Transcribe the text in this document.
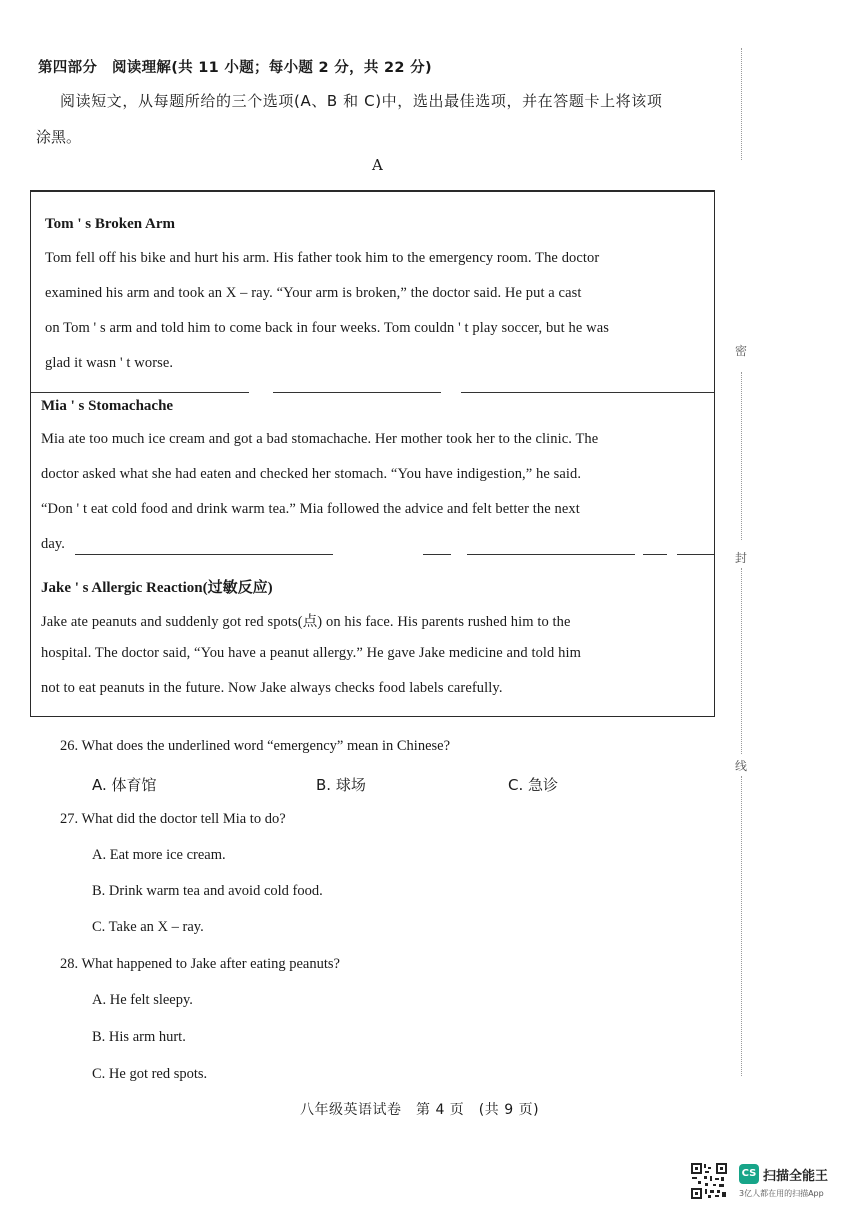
第四部分　阅读理解(共 11 小题；每小题 2 分，共 22 分)
阅读短文，从每题所给的三个选项(A、B 和 C)中，选出最佳选项，并在答题卡上将该项
涂黑。
A
Tom ' s Broken Arm
Tom fell off his bike and hurt his arm. His father took him to the emergency room. The doctor
examined his arm and took an X – ray. “Your arm is broken,” the doctor said. He put a cast
on Tom ' s arm and told him to come back in four weeks. Tom couldn ' t play soccer, but he was
glad it wasn ' t worse.
Mia ' s Stomachache
Mia ate too much ice cream and got a bad stomachache. Her mother took her to the clinic. The
doctor asked what she had eaten and checked her stomach. “You have indigestion,” he said.
“Don ' t eat cold food and drink warm tea.” Mia followed the advice and felt better the next
day.
Jake ' s Allergic Reaction(过敏反应)
Jake ate peanuts and suddenly got red spots(点) on his face. His parents rushed him to the
hospital. The doctor said, “You have a peanut allergy.” He gave Jake medicine and told him
not to eat peanuts in the future. Now Jake always checks food labels carefully.
26. What does the underlined word “emergency” mean in Chinese?
A. 体育馆	B. 球场	C. 急诊
27. What did the doctor tell Mia to do?
A. Eat more ice cream.
B. Drink warm tea and avoid cold food.
C. Take an X – ray.
28. What happened to Jake after eating peanuts?
A. He felt sleepy.
B. His arm hurt.
C. He got red spots.
八年级英语试卷　第 4 页　(共 9 页)
密
封
线
CS 扫描全能王
3亿人都在用的扫描App
